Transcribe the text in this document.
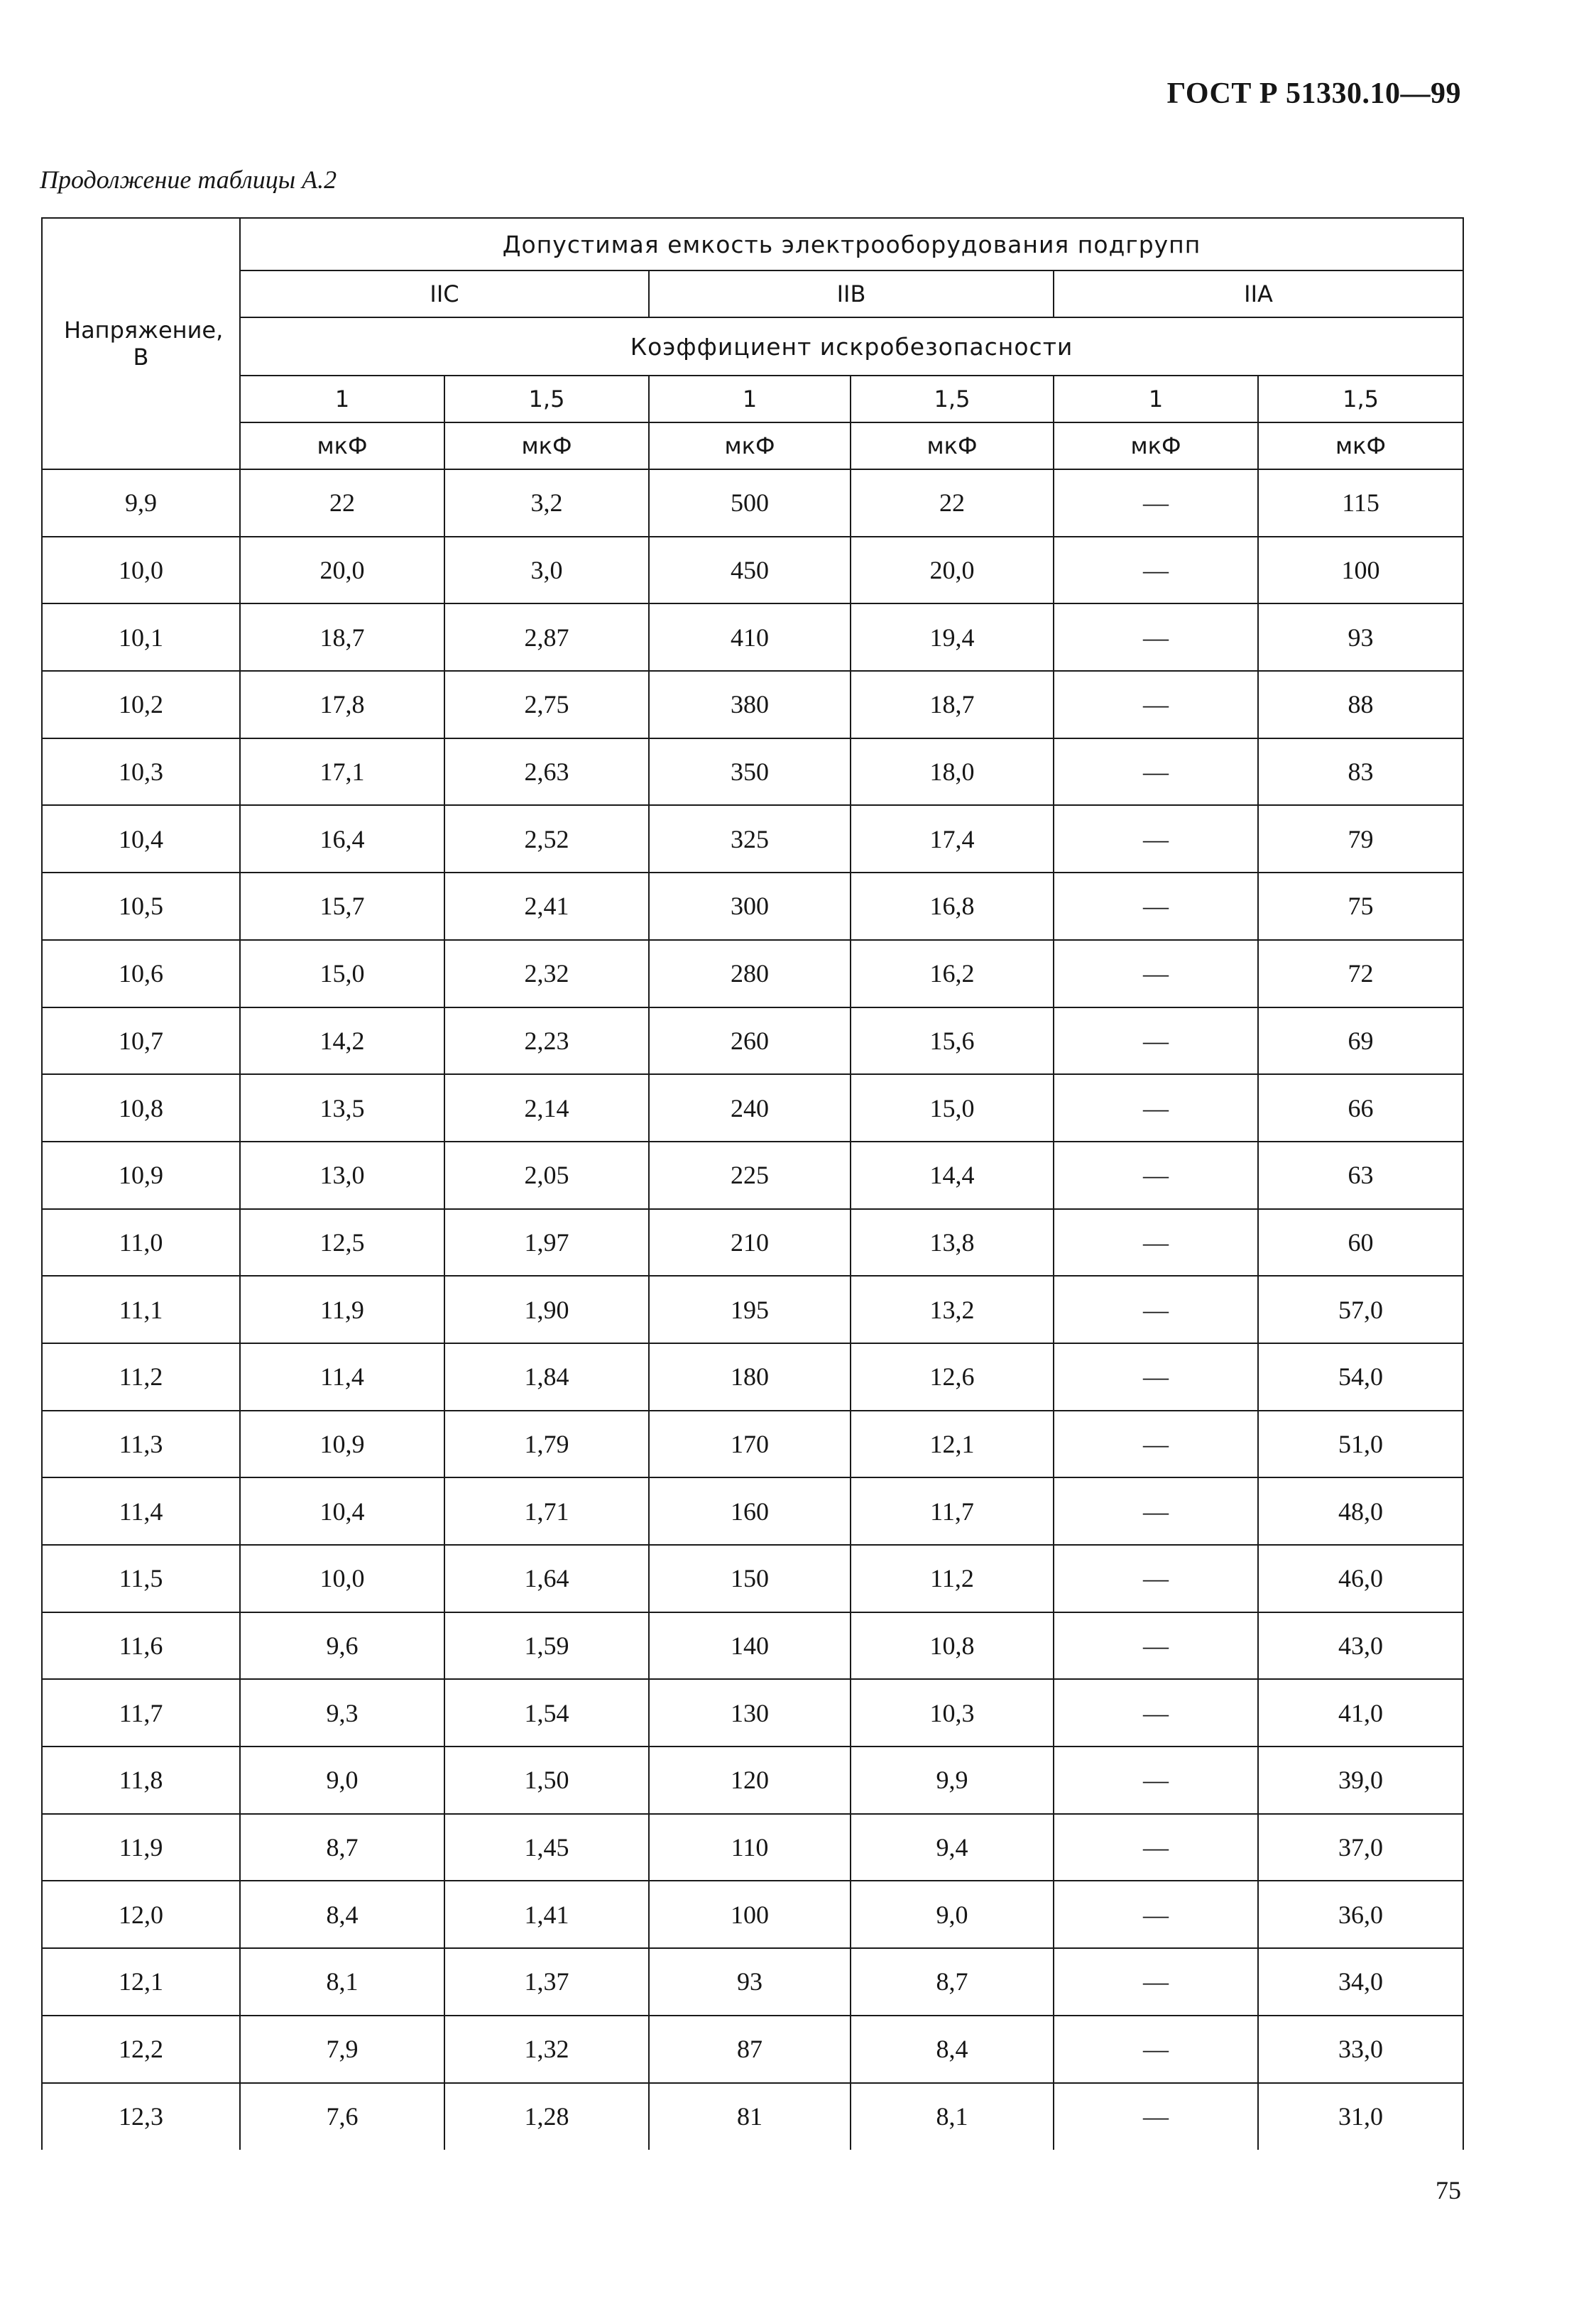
ГОСТ Р 51330.10—99
Продолжение таблицы А.2
Напряжение, В	Допустимая емкость электрооборудования подгрупп					
	IIC		IIB		IIA	
	Коэффициент искробезопасности					
	1	1,5	1	1,5	1	1,5
	мкФ	мкФ	мкФ	мкФ	мкФ	мкФ
9,9	22	3,2	500	22	—	115
10,0	20,0	3,0	450	20,0	—	100
10,1	18,7	2,87	410	19,4	—	93
10,2	17,8	2,75	380	18,7	—	88
10,3	17,1	2,63	350	18,0	—	83
10,4	16,4	2,52	325	17,4	—	79
10,5	15,7	2,41	300	16,8	—	75
10,6	15,0	2,32	280	16,2	—	72
10,7	14,2	2,23	260	15,6	—	69
10,8	13,5	2,14	240	15,0	—	66
10,9	13,0	2,05	225	14,4	—	63
11,0	12,5	1,97	210	13,8	—	60
11,1	11,9	1,90	195	13,2	—	57,0
11,2	11,4	1,84	180	12,6	—	54,0
11,3	10,9	1,79	170	12,1	—	51,0
11,4	10,4	1,71	160	11,7	—	48,0
11,5	10,0	1,64	150	11,2	—	46,0
11,6	9,6	1,59	140	10,8	—	43,0
11,7	9,3	1,54	130	10,3	—	41,0
11,8	9,0	1,50	120	9,9	—	39,0
11,9	8,7	1,45	110	9,4	—	37,0
12,0	8,4	1,41	100	9,0	—	36,0
12,1	8,1	1,37	93	8,7	—	34,0
12,2	7,9	1,32	87	8,4	—	33,0
12,3	7,6	1,28	81	8,1	—	31,0
75
